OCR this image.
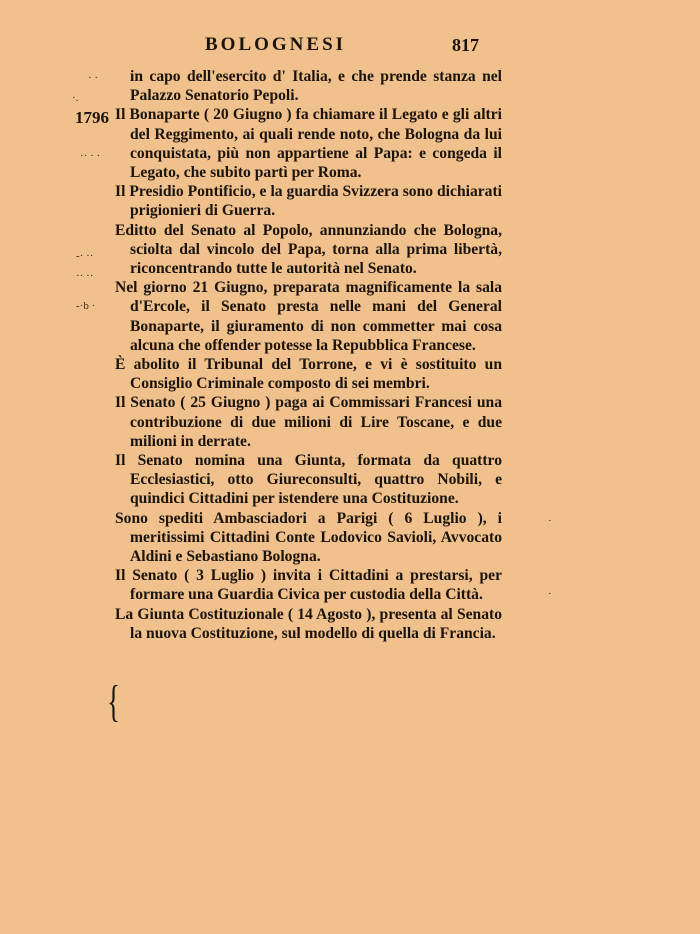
BOLOGNESI	817
1796
{
· ·
·.
·· · ·
-· ··
·· ··
-·b ·
·
·

in capo dell'esercito d' Italia, e che prende stanza nel Palazzo Senatorio Pepoli.

Il Bonaparte ( 20 Giugno ) fa chiamare il Legato e gli altri del Reggimento, ai quali rende noto, che Bologna da lui conquistata, più non appartiene al Papa: e congeda il Legato, che subito partì per Roma.

Il Presidio Pontificio, e la guardia Svizzera sono dichiarati prigionieri di Guerra.

Editto del Senato al Popolo, annunziando che Bologna, sciolta dal vincolo del Papa, torna alla prima libertà, riconcentrando tutte le autorità nel Senato.

Nel giorno 21 Giugno, preparata magnificamente la sala d'Ercole, il Senato presta nelle mani del General Bonaparte, il giuramento di non commetter mai cosa alcuna che offender potesse la Repubblica Francese.

È abolito il Tribunal del Torrone, e vi è sostituito un Consiglio Criminale composto di sei membri.

Il Senato ( 25 Giugno ) paga ai Commissari Francesi una contribuzione di due milioni di Lire Toscane, e due milioni in derrate.

Il Senato nomina una Giunta, formata da quattro Ecclesiastici, otto Giureconsulti, quattro Nobili, e quindici Cittadini per istendere una Costituzione.

Sono spediti Ambasciadori a Parigi ( 6 Luglio ), i meritissimi Cittadini Conte Lodovico Savioli, Avvocato Aldini e Sebastiano Bologna.

Il Senato ( 3 Luglio ) invita i Cittadini a prestarsi, per formare una Guardia Civica per custodia della Città.

La Giunta Costituzionale ( 14 Agosto ), presenta al Senato la nuova Costituzione, sul modello di quella di Francia.
